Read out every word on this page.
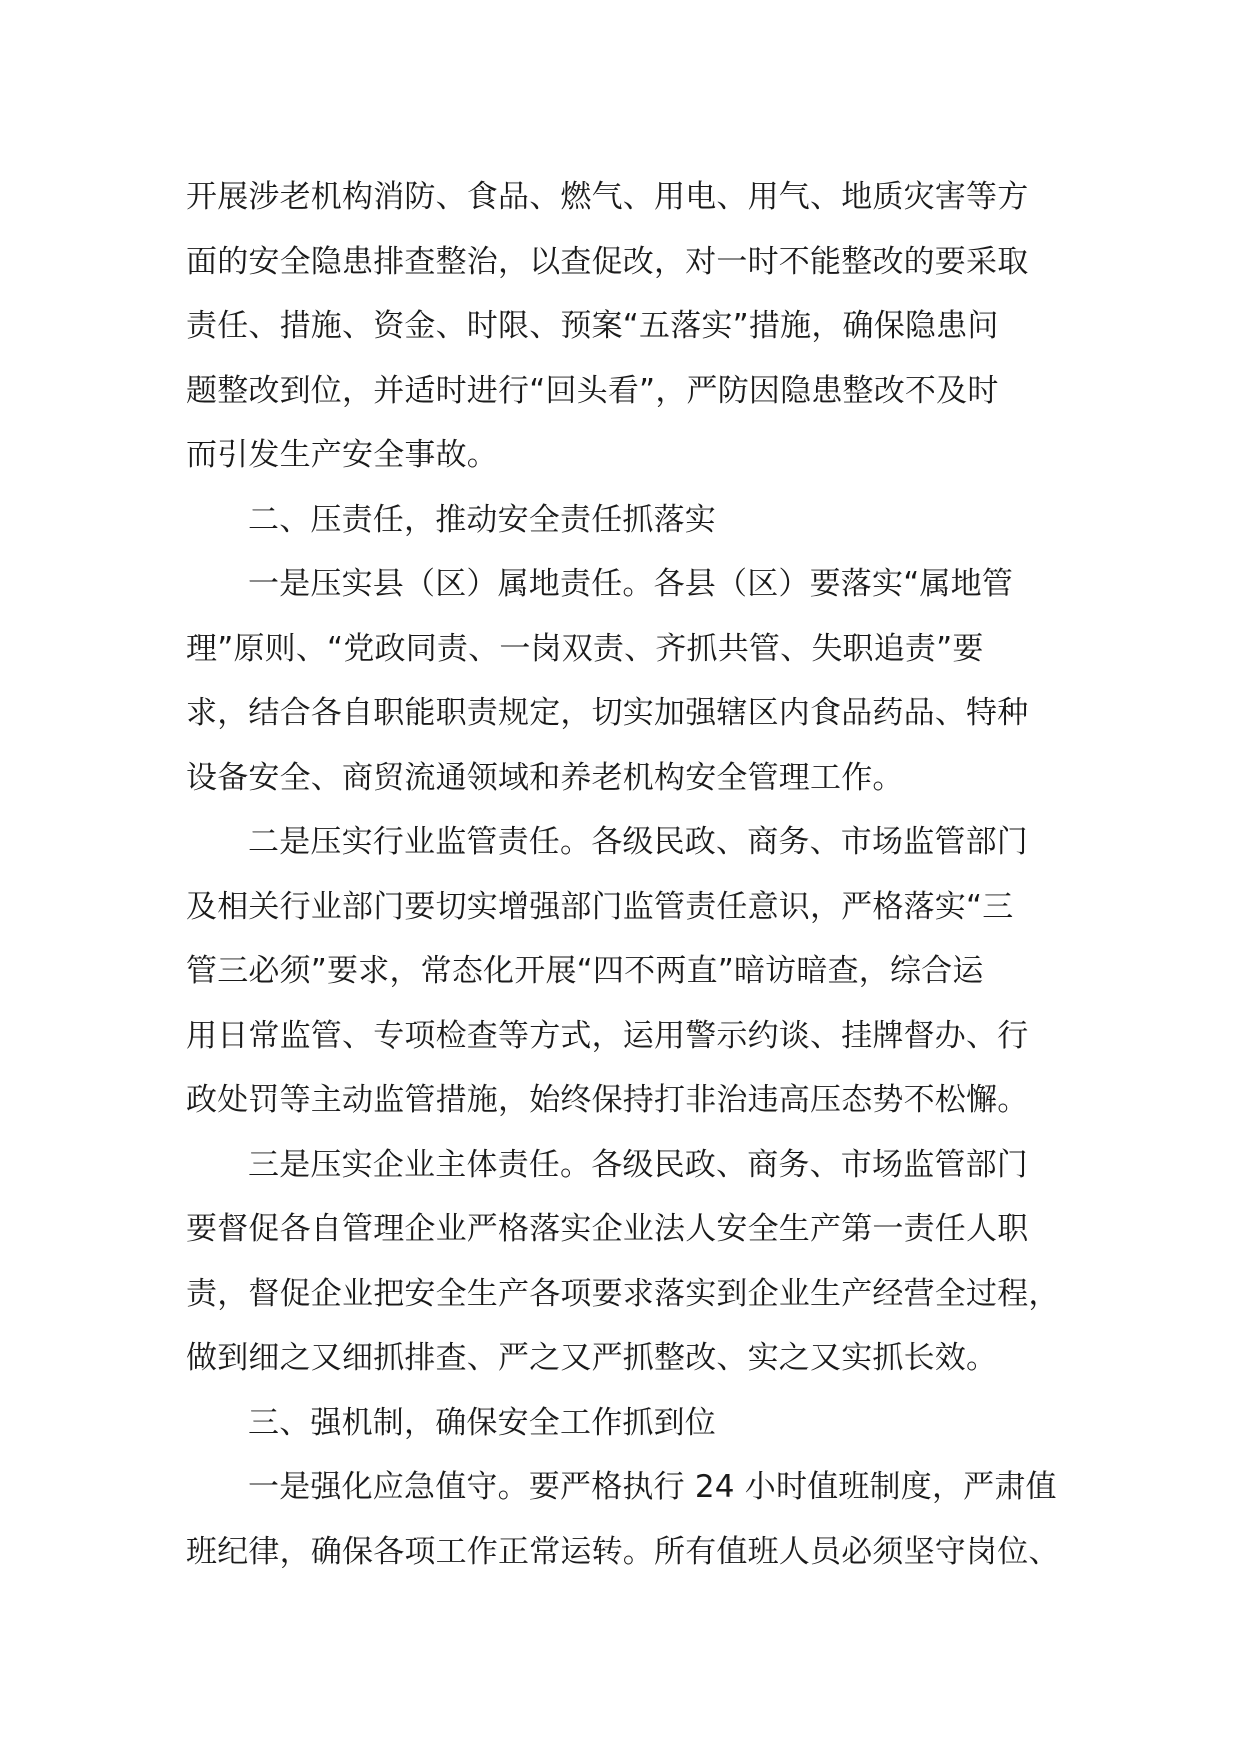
开展涉老机构消防、食品、燃气、用电、用气、地质灾害等方
面的安全隐患排查整治，以查促改，对一时不能整改的要采取
责任、措施、资金、时限、预案“五落实”措施，确保隐患问
题整改到位，并适时进行“回头看”，严防因隐患整改不及时
而引发生产安全事故。
二、压责任，推动安全责任抓落实
一是压实县（区）属地责任。各县（区）要落实“属地管
理”原则、“党政同责、一岗双责、齐抓共管、失职追责”要
求，结合各自职能职责规定，切实加强辖区内食品药品、特种
设备安全、商贸流通领域和养老机构安全管理工作。
二是压实行业监管责任。各级民政、商务、市场监管部门
及相关行业部门要切实增强部门监管责任意识，严格落实“三
管三必须”要求，常态化开展“四不两直”暗访暗查，综合运
用日常监管、专项检查等方式，运用警示约谈、挂牌督办、行
政处罚等主动监管措施，始终保持打非治违高压态势不松懈。
三是压实企业主体责任。各级民政、商务、市场监管部门
要督促各自管理企业严格落实企业法人安全生产第一责任人职
责，督促企业把安全生产各项要求落实到企业生产经营全过程，
做到细之又细抓排查、严之又严抓整改、实之又实抓长效。
三、强机制，确保安全工作抓到位
一是强化应急值守。要严格执行 24 小时值班制度，严肃值
班纪律，确保各项工作正常运转。所有值班人员必须坚守岗位、
